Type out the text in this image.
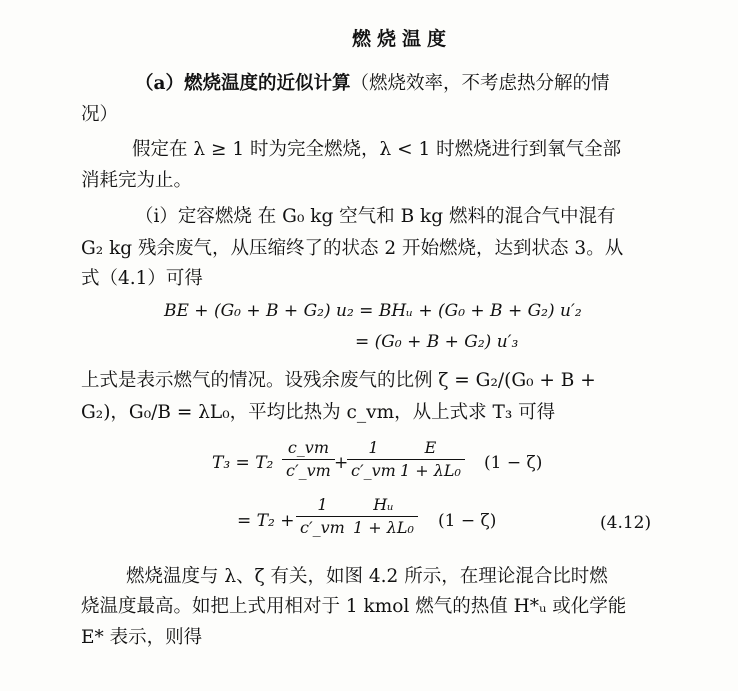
燃烧温度
（a）燃烧温度的近似计算（燃烧效率，不考虑热分解的情
况）
假定在 λ ≥ 1 时为完全燃烧，λ < 1 时燃烧进行到氧气全部
消耗完为止。
（i）定容燃烧 在 G₀ kg 空气和 B kg 燃料的混合气中混有
G₂ kg 残余废气，从压缩终了的状态 2 开始燃烧，达到状态 3。从
式（4.1）可得
BE + (G₀ + B + G₂) u₂ = BHᵤ + (G₀ + B + G₂) u′₂
= (G₀ + B + G₂) u′₃
上式是表示燃气的情况。设残余废气的比例 ζ = G₂/(G₀ + B +
G₂)，G₀/B = λL₀，平均比热为 c_vm，从上式求 T₃ 可得
$T_3 = T_2 \frac{c\_vm}{c'\_vm}$ +
$\frac{1}{c'\_vm}$
$\frac{E}{\text{1 + λL₀}} (1 - \zeta)$
= $T_2 + \frac{1}{c'\_vm} \frac{\text{Hᵤ}}{\text{1 + λL₀}} (1 - \zeta)$	(4.12)
燃烧温度与 λ、ζ 有关，如图 4.2 所示，在理论混合比时燃
烧温度最高。如把上式用相对于 1 kmol 燃气的热值 H*ᵤ 或化学能
E* 表示，则得
